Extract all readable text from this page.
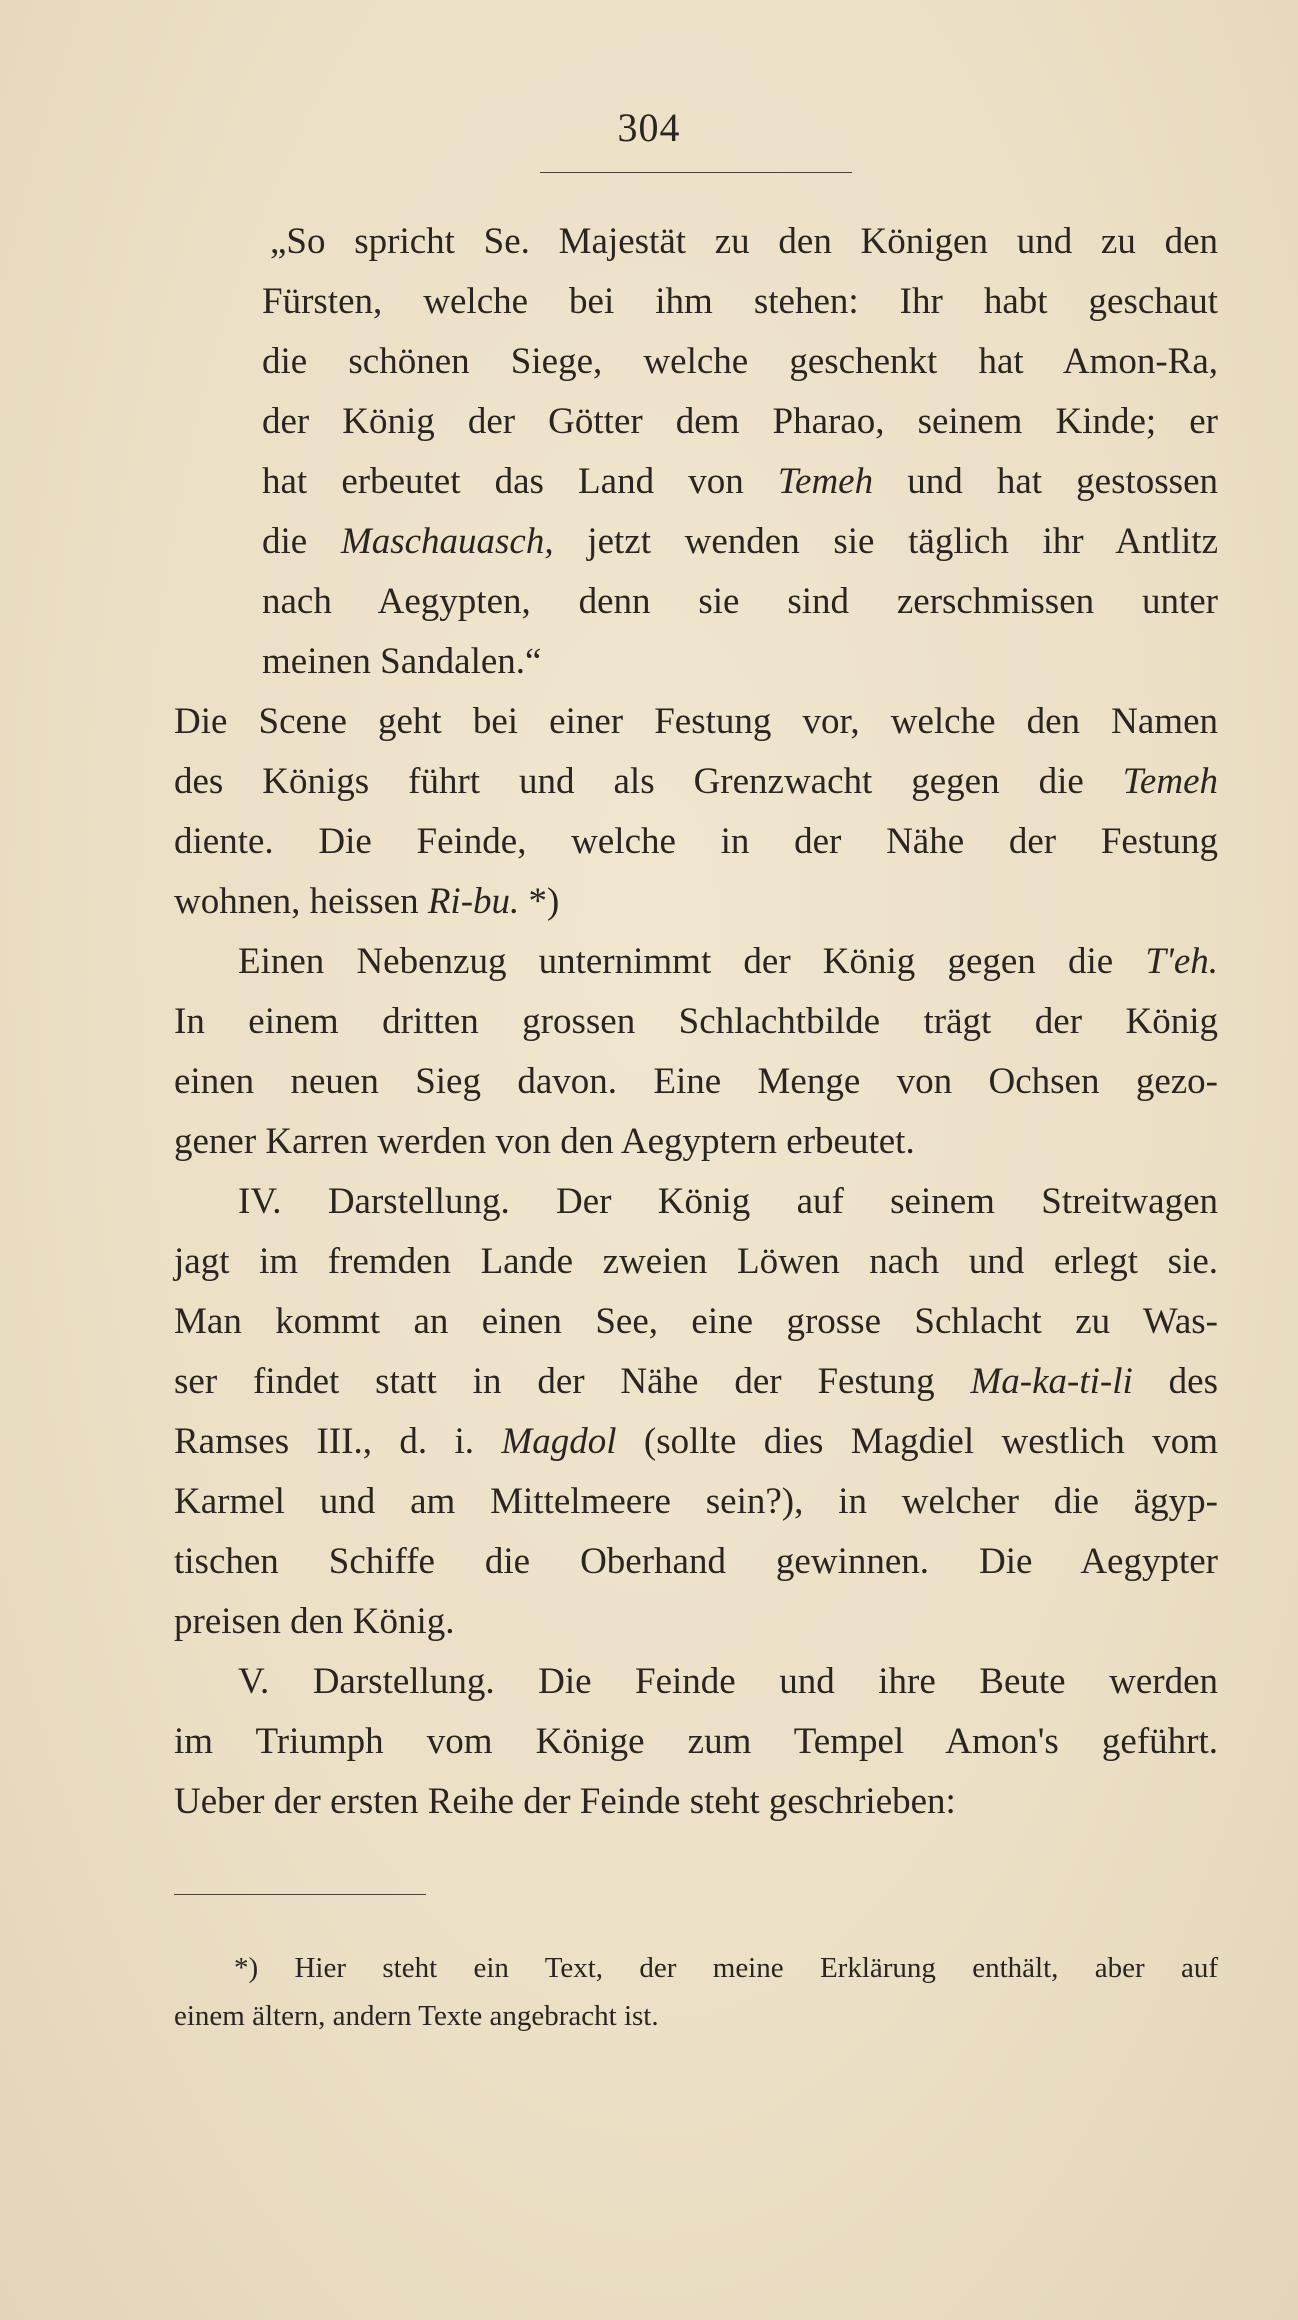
304
„So spricht Se. Majestät zu den Königen und zu den
Fürsten, welche bei ihm stehen: Ihr habt geschaut
die schönen Siege, welche geschenkt hat Amon-Ra,
der König der Götter dem Pharao, seinem Kinde; er
hat erbeutet das Land von Temeh und hat gestossen
die Maschauasch, jetzt wenden sie täglich ihr Antlitz
nach Aegypten, denn sie sind zerschmissen unter
meinen Sandalen.“
Die Scene geht bei einer Festung vor, welche den Namen
des Königs führt und als Grenzwacht gegen die Temeh
diente. Die Feinde, welche in der Nähe der Festung
wohnen, heissen Ri-bu. *)
Einen Nebenzug unternimmt der König gegen die T'eh.
In einem dritten grossen Schlachtbilde trägt der König
einen neuen Sieg davon. Eine Menge von Ochsen gezo-
gener Karren werden von den Aegyptern erbeutet.
IV. Darstellung. Der König auf seinem Streitwagen
jagt im fremden Lande zweien Löwen nach und erlegt sie.
Man kommt an einen See, eine grosse Schlacht zu Was-
ser findet statt in der Nähe der Festung Ma-ka-ti-li des
Ramses III., d. i. Magdol (sollte dies Magdiel westlich vom
Karmel und am Mittelmeere sein?), in welcher die ägyp-
tischen Schiffe die Oberhand gewinnen. Die Aegypter
preisen den König.
V. Darstellung. Die Feinde und ihre Beute werden
im Triumph vom Könige zum Tempel Amon's geführt.
Ueber der ersten Reihe der Feinde steht geschrieben:
*) Hier steht ein Text, der meine Erklärung enthält, aber auf
einem ältern, andern Texte angebracht ist.
